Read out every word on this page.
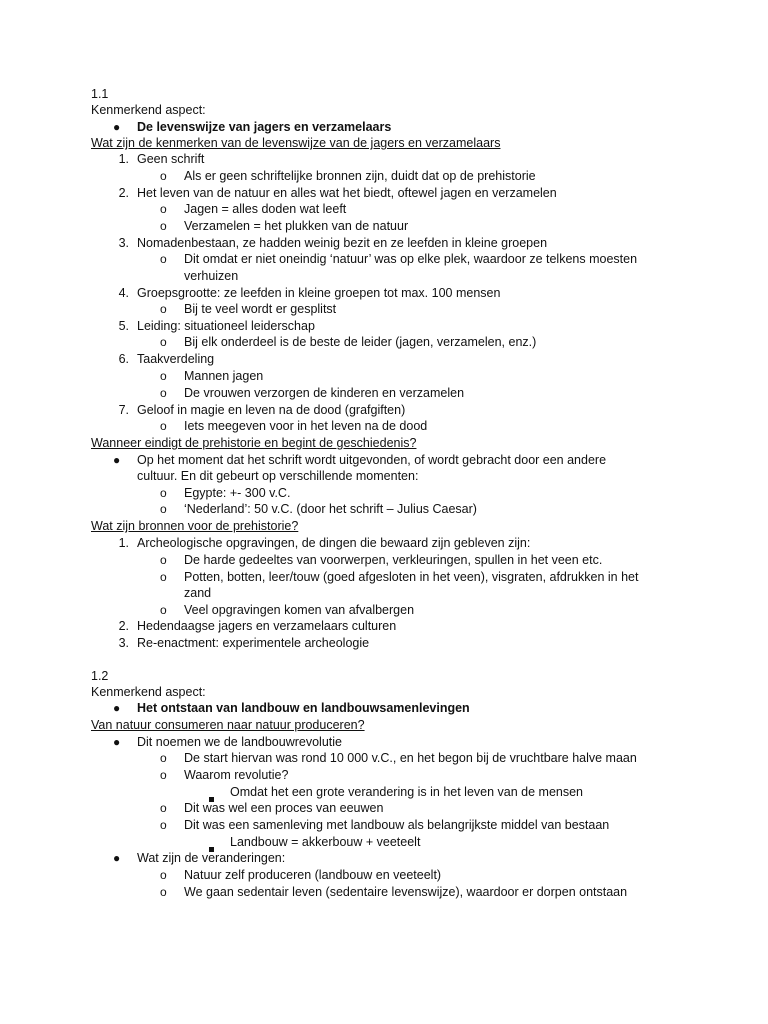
1.1
Kenmerkend aspect:
●	De levenswijze van jagers en verzamelaars
Wat zijn de kenmerken van de levenswijze van de jagers en verzamelaars
1. Geen schrift
o	Als er geen schriftelijke bronnen zijn, duidt dat op de prehistorie
2. Het leven van de natuur en alles wat het biedt, oftewel jagen en verzamelen
o	Jagen = alles doden wat leeft
o	Verzamelen = het plukken van de natuur
3. Nomadenbestaan, ze hadden weinig bezit en ze leefden in kleine groepen
o	Dit omdat er niet oneindig ‘natuur’ was op elke plek, waardoor ze telkens moesten
verhuizen
4. Groepsgrootte: ze leefden in kleine groepen tot max. 100 mensen
o	Bij te veel wordt er gesplitst
5. Leiding: situationeel leiderschap
o	Bij elk onderdeel is de beste de leider (jagen, verzamelen, enz.)
6. Taakverdeling
o	Mannen jagen
o	De vrouwen verzorgen de kinderen en verzamelen
7. Geloof in magie en leven na de dood (grafgiften)
o	Iets meegeven voor in het leven na de dood
Wanneer eindigt de prehistorie en begint de geschiedenis?
●	Op het moment dat het schrift wordt uitgevonden, of wordt gebracht door een andere
cultuur. En dit gebeurt op verschillende momenten:
o	Egypte: +- 300 v.C.
o	‘Nederland’: 50 v.C. (door het schrift – Julius Caesar)
Wat zijn bronnen voor de prehistorie?
1. Archeologische opgravingen, de dingen die bewaard zijn gebleven zijn:
o	De harde gedeeltes van voorwerpen, verkleuringen, spullen in het veen etc.
o	Potten, botten, leer/touw (goed afgesloten in het veen), visgraten, afdrukken in het
zand
o	Veel opgravingen komen van afvalbergen
2. Hedendaagse jagers en verzamelaars culturen
3. Re-enactment: experimentele archeologie
1.2
Kenmerkend aspect:
●	Het ontstaan van landbouw en landbouwsamenlevingen
Van natuur consumeren naar natuur produceren?
●	Dit noemen we de landbouwrevolutie
o	De start hiervan was rond 10 000 v.C., en het begon bij de vruchtbare halve maan
o	Waarom revolutie?
Omdat het een grote verandering is in het leven van de mensen
o	Dit was wel een proces van eeuwen
o	Dit was een samenleving met landbouw als belangrijkste middel van bestaan
Landbouw = akkerbouw + veeteelt
●	Wat zijn de veranderingen:
o	Natuur zelf produceren (landbouw en veeteelt)
o	We gaan sedentair leven (sedentaire levenswijze), waardoor er dorpen ontstaan
